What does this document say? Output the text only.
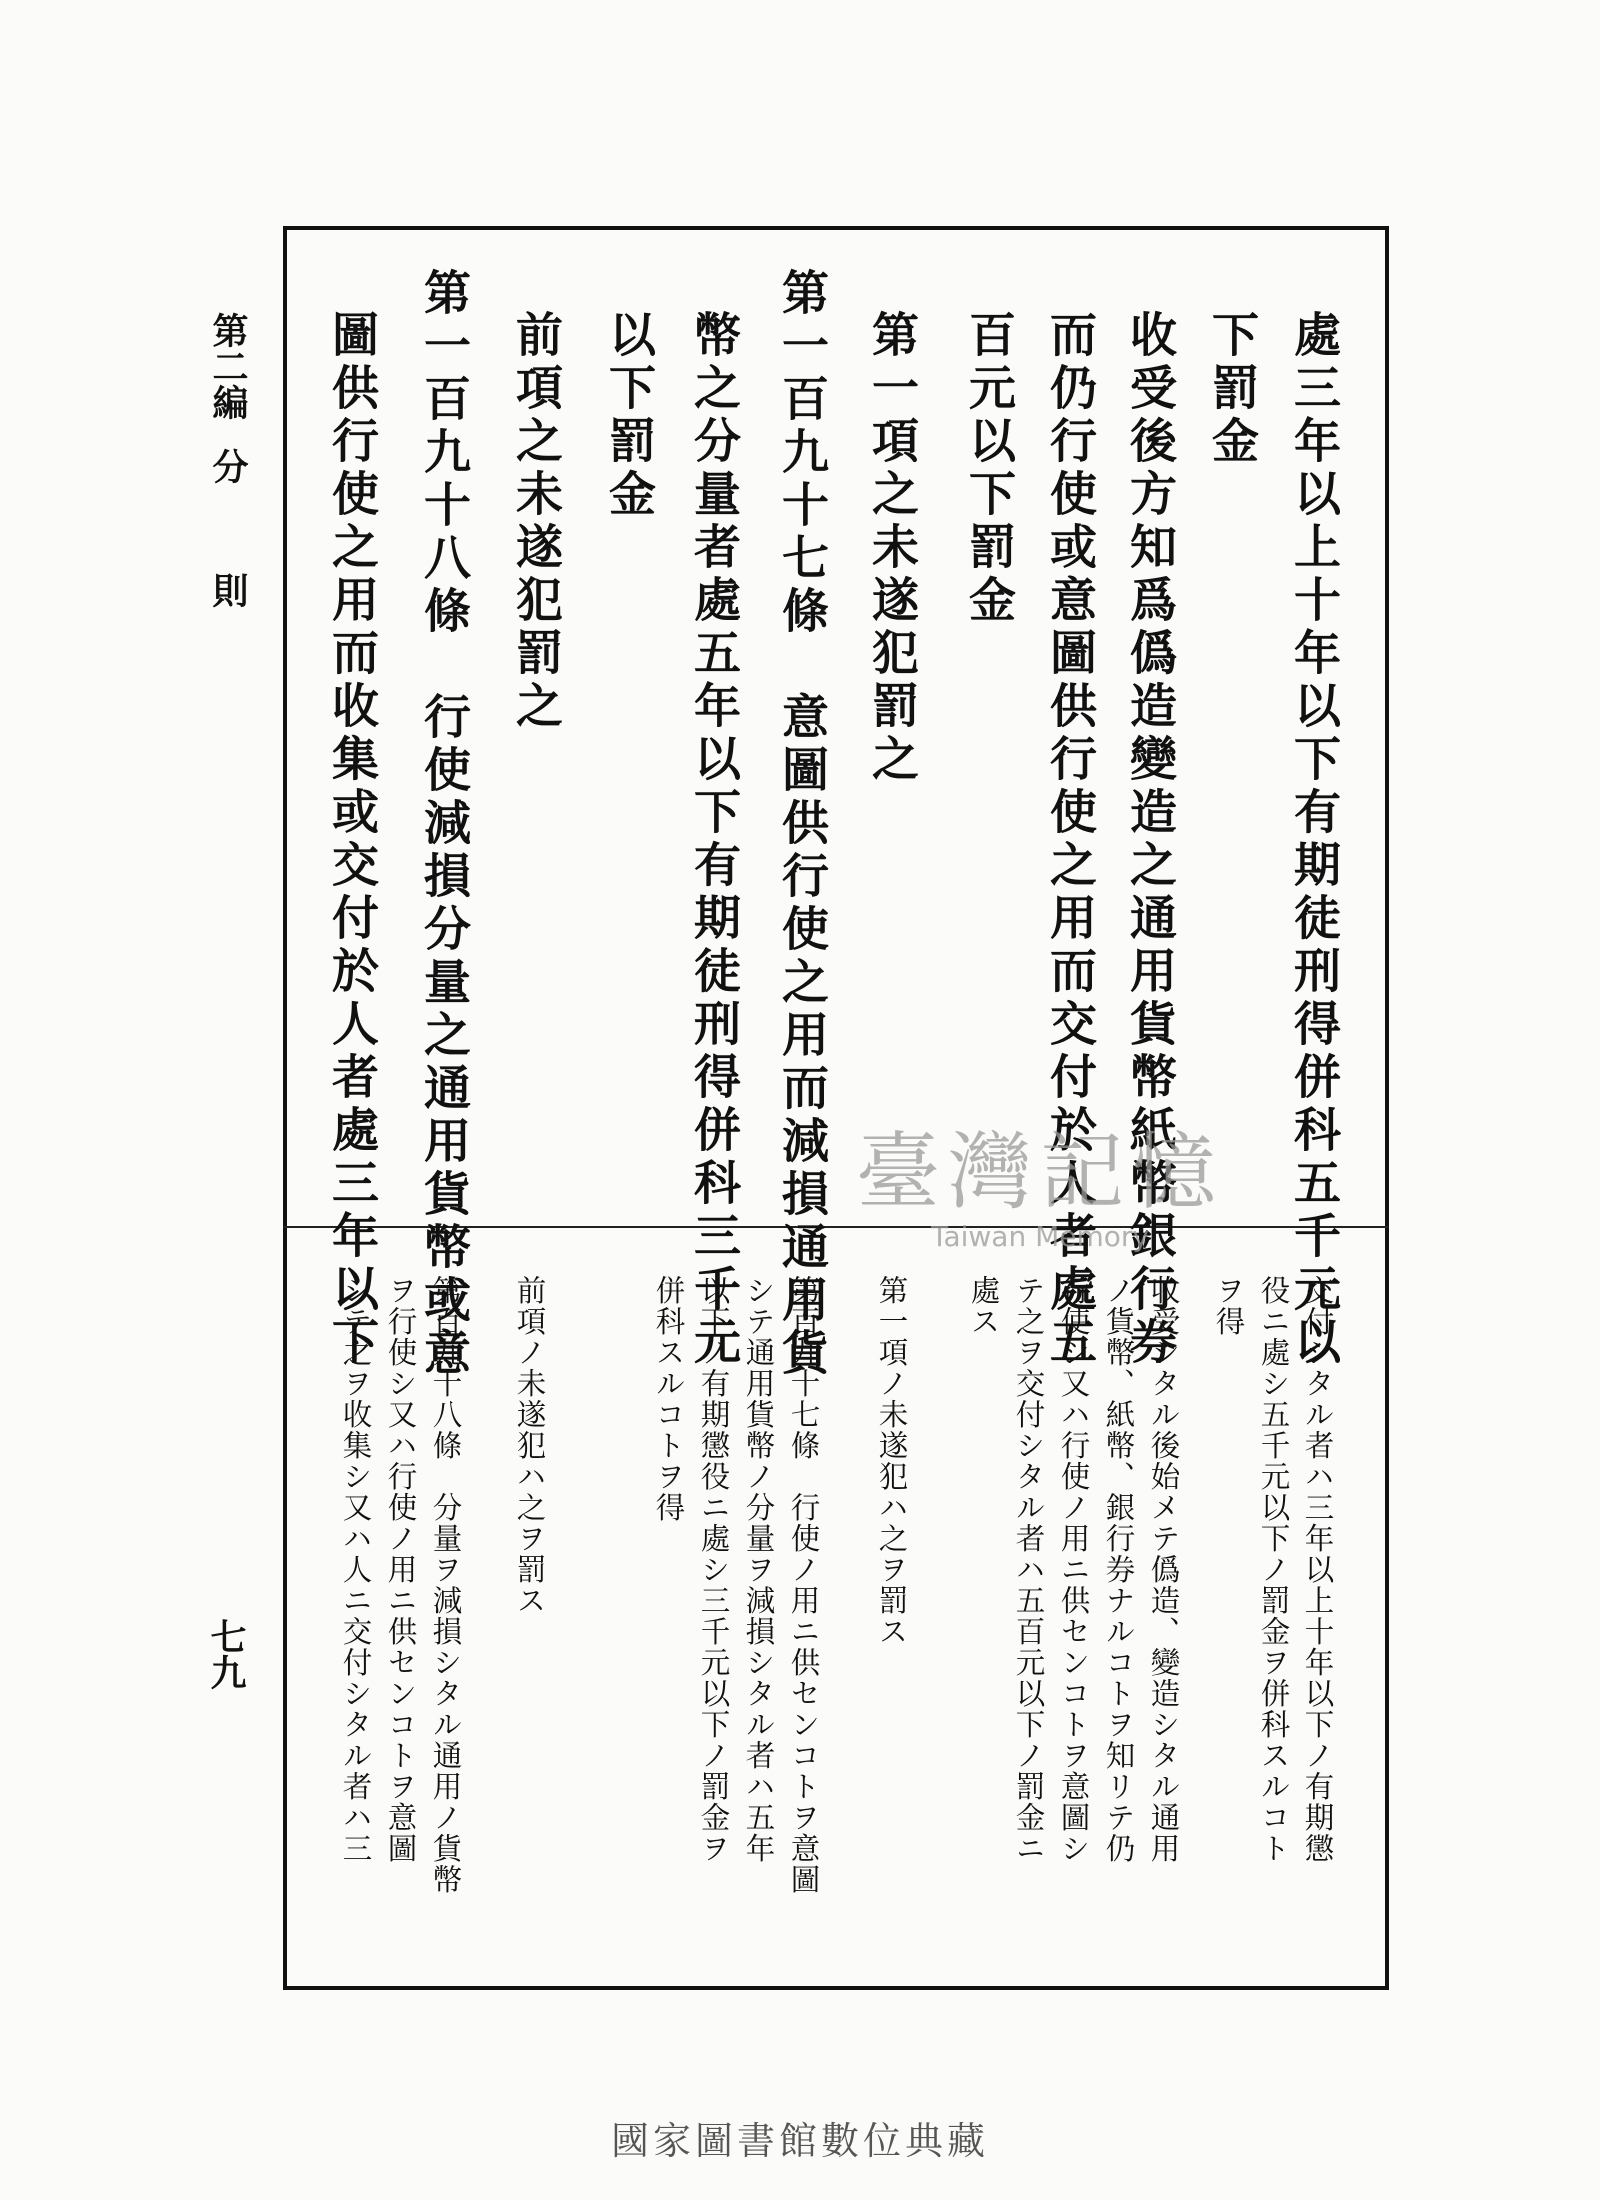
第二編
分
則
七九
處三年以上十年以下有期徒刑得併科五千元以
下罰金
收受後方知爲僞造變造之通用貨幣紙幣銀行券
而仍行使或意圖供行使之用而交付於人者處五
百元以下罰金
第一項之未遂犯罰之
第一百九十七條　意圖供行使之用而減損通用貨
幣之分量者處五年以下有期徒刑得併科三千元
以下罰金
前項之未遂犯罰之
第一百九十八條　行使減損分量之通用貨幣或意
圖供行使之用而收集或交付於人者處三年以下
交付シタル者ハ三年以上十年以下ノ有期懲
役ニ處シ五千元以下ノ罰金ヲ併科スルコト
ヲ得
收受シタル後始メテ僞造、變造シタル通用
ノ貨幣、紙幣、銀行券ナルコトヲ知リテ仍
行使シ又ハ行使ノ用ニ供センコトヲ意圖シ
テ之ヲ交付シタル者ハ五百元以下ノ罰金ニ
處ス
第一項ノ未遂犯ハ之ヲ罰ス
第百九十七條　行使ノ用ニ供センコトヲ意圖
シテ通用貨幣ノ分量ヲ減損シタル者ハ五年
以下ノ有期懲役ニ處シ三千元以下ノ罰金ヲ
併科スルコトヲ得
前項ノ未遂犯ハ之ヲ罰ス
第百九十八條　分量ヲ減損シタル通用ノ貨幣
ヲ行使シ又ハ行使ノ用ニ供センコトヲ意圖
シテ之ヲ收集シ又ハ人ニ交付シタル者ハ三
臺灣記憶
Taiwan Memory
國家圖書館數位典藏
